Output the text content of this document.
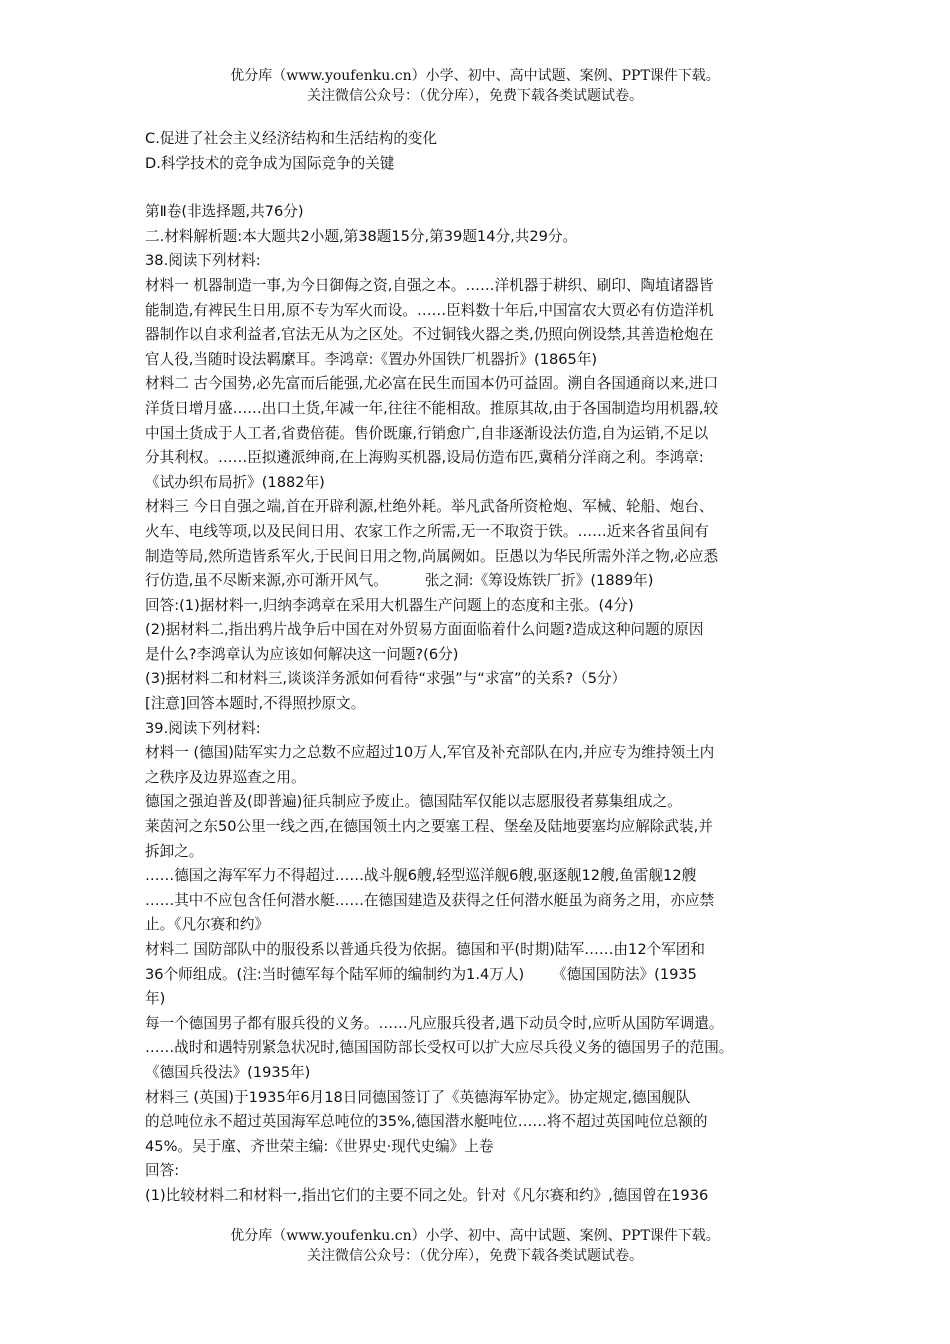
优分库（www.youfenku.cn）小学、初中、高中试题、案例、PPT课件下载。
关注微信公众号：（优分库），免费下载各类试题试卷。

C.促进了社会主义经济结构和生活结构的变化

D.科学技术的竞争成为国际竞争的关键

第Ⅱ卷(非选择题,共76分)

二.材料解析题:本大题共2小题,第38题15分,第39题14分,共29分。

38.阅读下列材料:

材料一 机器制造一事,为今日御侮之资,自强之本。……洋机器于耕织、刷印、陶埴诸器皆

能制造,有裨民生日用,原不专为军火而设。……臣料数十年后,中国富农大贾必有仿造洋机

器制作以自求利益者,官法无从为之区处。不过铜钱火器之类,仍照向例设禁,其善造枪炮在

官人役,当随时设法羁縻耳。李鸿章:《置办外国铁厂机器折》(1865年)

材料二 古今国势,必先富而后能强,尤必富在民生而国本仍可益固。溯自各国通商以来,进口

洋货日增月盛……出口土货,年减一年,往往不能相敌。推原其故,由于各国制造均用机器,较

中国土货成于人工者,省费倍蓰。售价既廉,行销愈广,自非逐渐设法仿造,自为运销,不足以

分其利权。……臣拟遴派绅商,在上海购买机器,设局仿造布匹,冀稍分洋商之利。李鸿章:

《试办织布局折》(1882年)

材料三 今日自强之端,首在开辟利源,杜绝外耗。举凡武备所资枪炮、军械、轮船、炮台、

火车、电线等项,以及民间日用、农家工作之所需,无一不取资于铁。……近来各省虽间有

制造等局,然所造皆系军火,于民间日用之物,尚属阙如。臣愚以为华民所需外洋之物,必应悉

行仿造,虽不尽断来源,亦可渐开风气。        张之洞:《筹设炼铁厂折》(1889年)

回答:(1)据材料一,归纳李鸿章在采用大机器生产问题上的态度和主张。(4分)

(2)据材料二,指出鸦片战争后中国在对外贸易方面面临着什么问题?造成这种问题的原因

是什么?李鸿章认为应该如何解决这一问题?(6分)

(3)据材料二和材料三,谈谈洋务派如何看待“求强”与“求富”的关系?（5分）

[注意]回答本题时,不得照抄原文。

39.阅读下列材料:

材料一 (德国)陆军实力之总数不应超过10万人,军官及补充部队在内,并应专为维持领土内

之秩序及边界巡查之用。

德国之强迫普及(即普遍)征兵制应予废止。德国陆军仅能以志愿服役者募集组成之。

莱茵河之东50公里一线之西,在德国领土内之要塞工程、堡垒及陆地要塞均应解除武装,并

拆卸之。

……德国之海军军力不得超过……战斗舰6艘,轻型巡洋舰6艘,驱逐舰12艘,鱼雷舰12艘

……其中不应包含任何潜水艇……在德国建造及获得之任何潜水艇虽为商务之用，亦应禁

止。《凡尔赛和约》

材料二 国防部队中的服役系以普通兵役为依据。德国和平(时期)陆军……由12个军团和

36个师组成。(注:当时德军每个陆军师的编制约为1.4万人)      《德国国防法》(1935

年)

每一个德国男子都有服兵役的义务。……凡应服兵役者,遇下动员令时,应听从国防军调遣。

……战时和遇特别紧急状况时,德国国防部长受权可以扩大应尽兵役义务的德国男子的范围。

《德国兵役法》(1935年)

材料三 (英国)于1935年6月18日同德国签订了《英德海军协定》。协定规定,德国舰队

的总吨位永不超过英国海军总吨位的35%,德国潜水艇吨位……将不超过英国吨位总额的

45%。吴于廑、齐世荣主编:《世界史·现代史编》上卷

回答:

(1)比较材料二和材料一,指出它们的主要不同之处。针对《凡尔赛和约》,德国曾在1936

优分库（www.youfenku.cn）小学、初中、高中试题、案例、PPT课件下载。
关注微信公众号：（优分库），免费下载各类试题试卷。
